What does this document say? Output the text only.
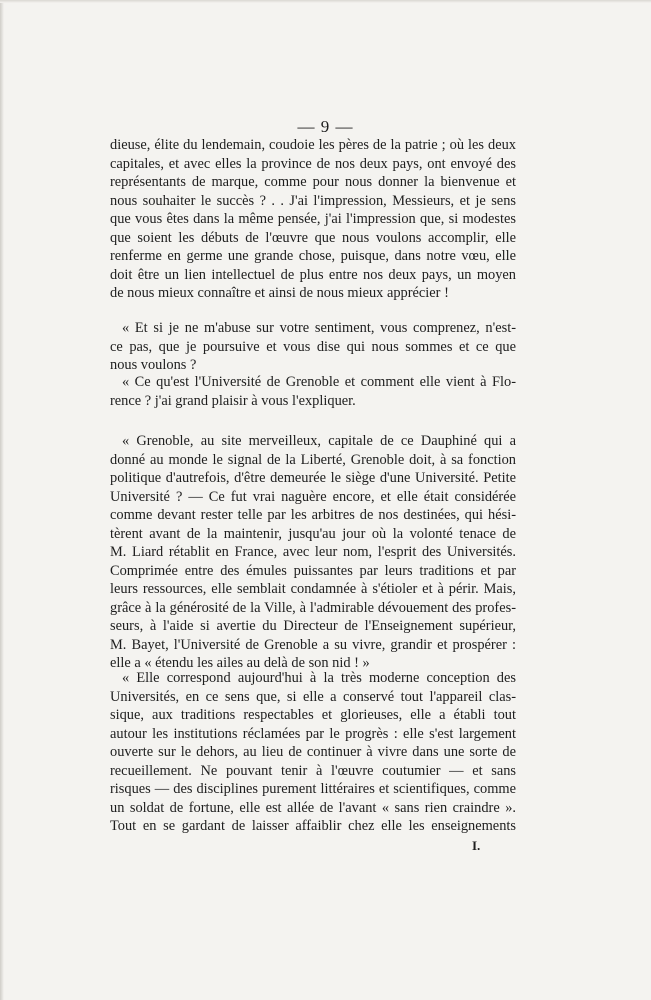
— 9 —
dieuse, élite du lendemain, coudoie les pères de la patrie ; où les deux
capitales, et avec elles la province de nos deux pays, ont envoyé des
représentants de marque, comme pour nous donner la bienvenue et
nous souhaiter le succès ? . . J'ai l'impression, Messieurs, et je sens
que vous êtes dans la même pensée, j'ai l'impression que, si modestes
que soient les débuts de l'œuvre que nous voulons accomplir, elle
renferme en germe une grande chose, puisque, dans notre vœu, elle
doit être un lien intellectuel de plus entre nos deux pays, un moyen
de nous mieux connaître et ainsi de nous mieux apprécier !
« Et si je ne m'abuse sur votre sentiment, vous comprenez, n'est-
ce pas, que je poursuive et vous dise qui nous sommes et ce que
nous voulons ?
« Ce qu'est l'Université de Grenoble et comment elle vient à Flo-
rence ? j'ai grand plaisir à vous l'expliquer.
« Grenoble, au site merveilleux, capitale de ce Dauphiné qui a
donné au monde le signal de la Liberté, Grenoble doit, à sa fonction
politique d'autrefois, d'être demeurée le siège d'une Université. Petite
Université ? — Ce fut vrai naguère encore, et elle était considérée
comme devant rester telle par les arbitres de nos destinées, qui hési-
tèrent avant de la maintenir, jusqu'au jour où la volonté tenace de
M. Liard rétablit en France, avec leur nom, l'esprit des Universités.
Comprimée entre des émules puissantes par leurs traditions et par
leurs ressources, elle semblait condamnée à s'étioler et à périr. Mais,
grâce à la générosité de la Ville, à l'admirable dévouement des profes-
seurs, à l'aide si avertie du Directeur de l'Enseignement supérieur,
M. Bayet, l'Université de Grenoble a su vivre, grandir et prospérer :
elle a « étendu les ailes au delà de son nid ! »
« Elle correspond aujourd'hui à la très moderne conception des
Universités, en ce sens que, si elle a conservé tout l'appareil clas-
sique, aux traditions respectables et glorieuses, elle a établi tout
autour les institutions réclamées par le progrès : elle s'est largement
ouverte sur le dehors, au lieu de continuer à vivre dans une sorte de
recueillement. Ne pouvant tenir à l'œuvre coutumier — et sans
risques — des disciplines purement littéraires et scientifiques, comme
un soldat de fortune, elle est allée de l'avant « sans rien craindre ».
Tout en se gardant de laisser affaiblir chez elle les enseignements
I.
